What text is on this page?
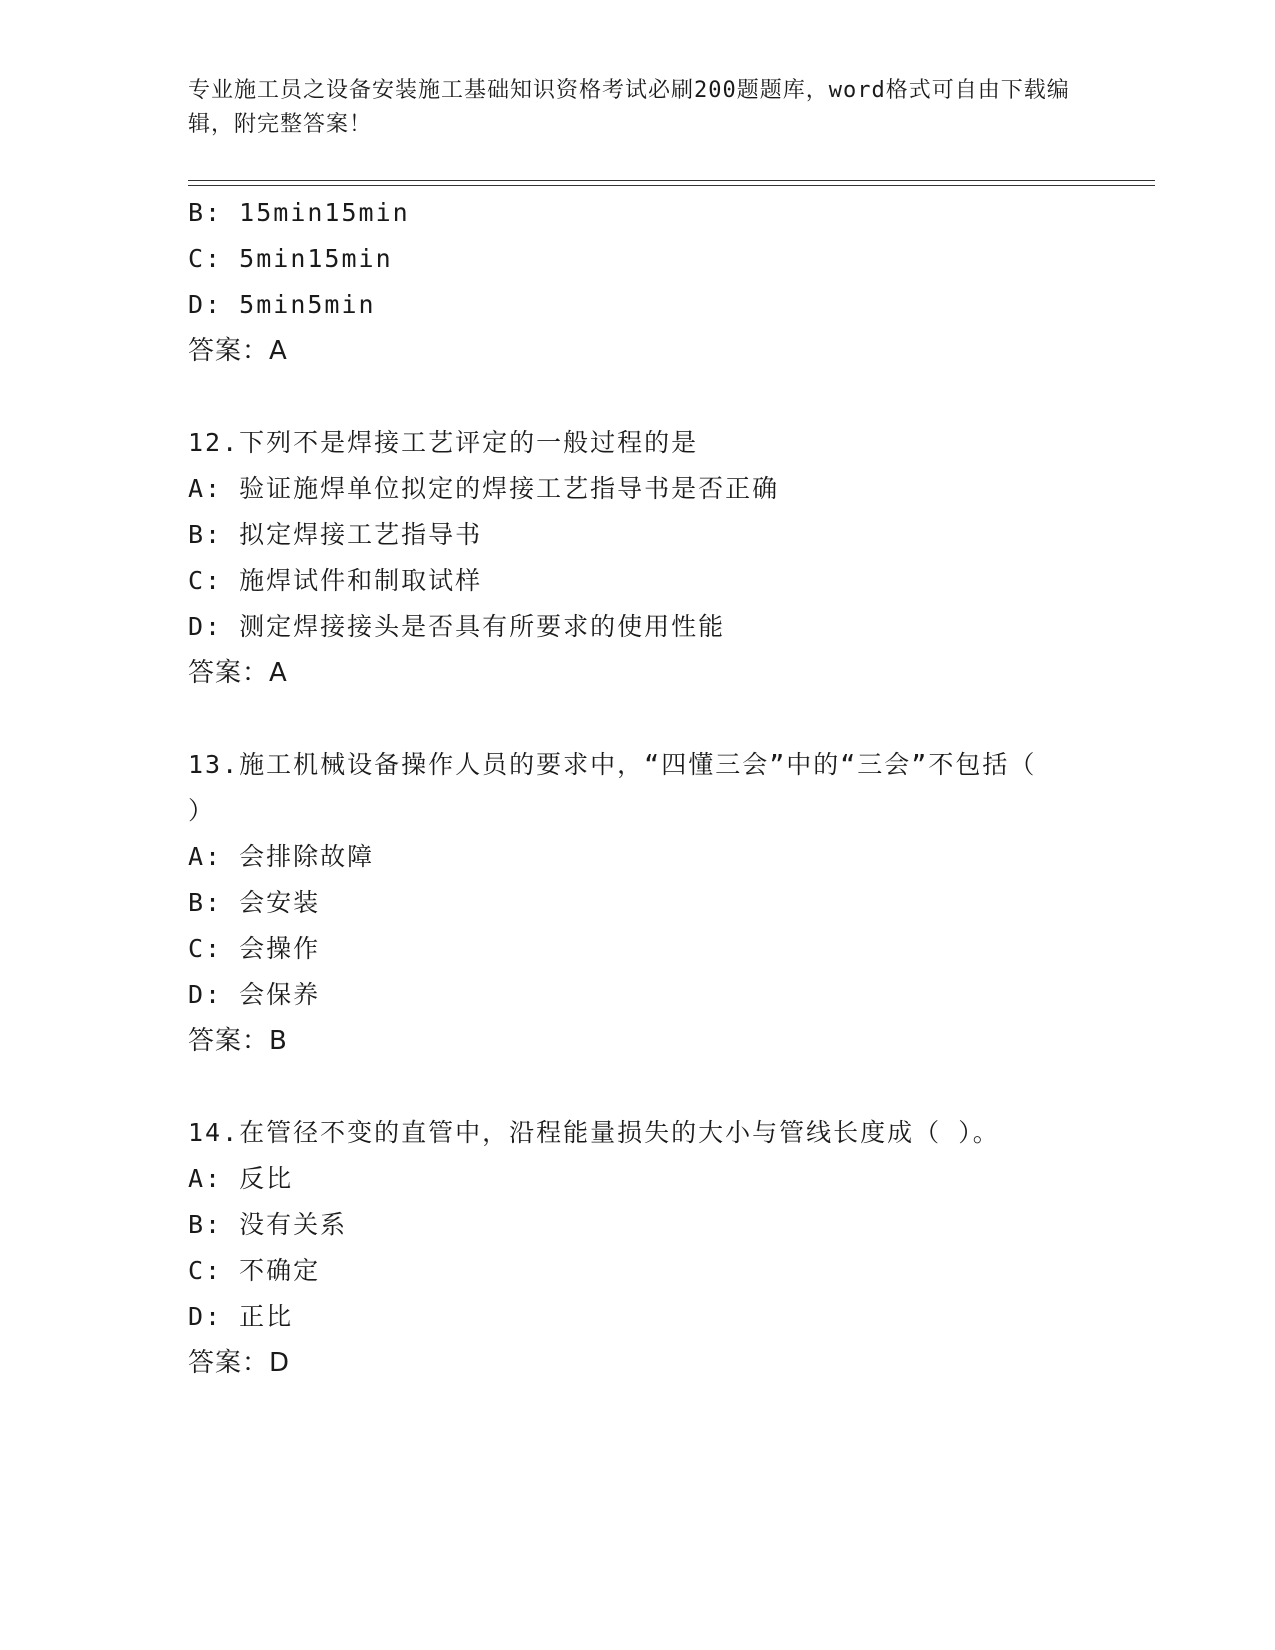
专业施工员之设备安装施工基础知识资格考试必刷200题题库，word格式可自由下载编辑，附完整答案！
B: 15min15min
C: 5min15min
D: 5min5min
答案：A
12.下列不是焊接工艺评定的一般过程的是
A: 验证施焊单位拟定的焊接工艺指导书是否正确
B: 拟定焊接工艺指导书
C: 施焊试件和制取试样
D: 测定焊接接头是否具有所要求的使用性能
答案：A
13.施工机械设备操作人员的要求中，“四懂三会”中的“三会”不包括（ ）
A: 会排除故障
B: 会安装
C: 会操作
D: 会保养
答案：B
14.在管径不变的直管中，沿程能量损失的大小与管线长度成（ ）。
A: 反比
B: 没有关系
C: 不确定
D: 正比
答案：D
